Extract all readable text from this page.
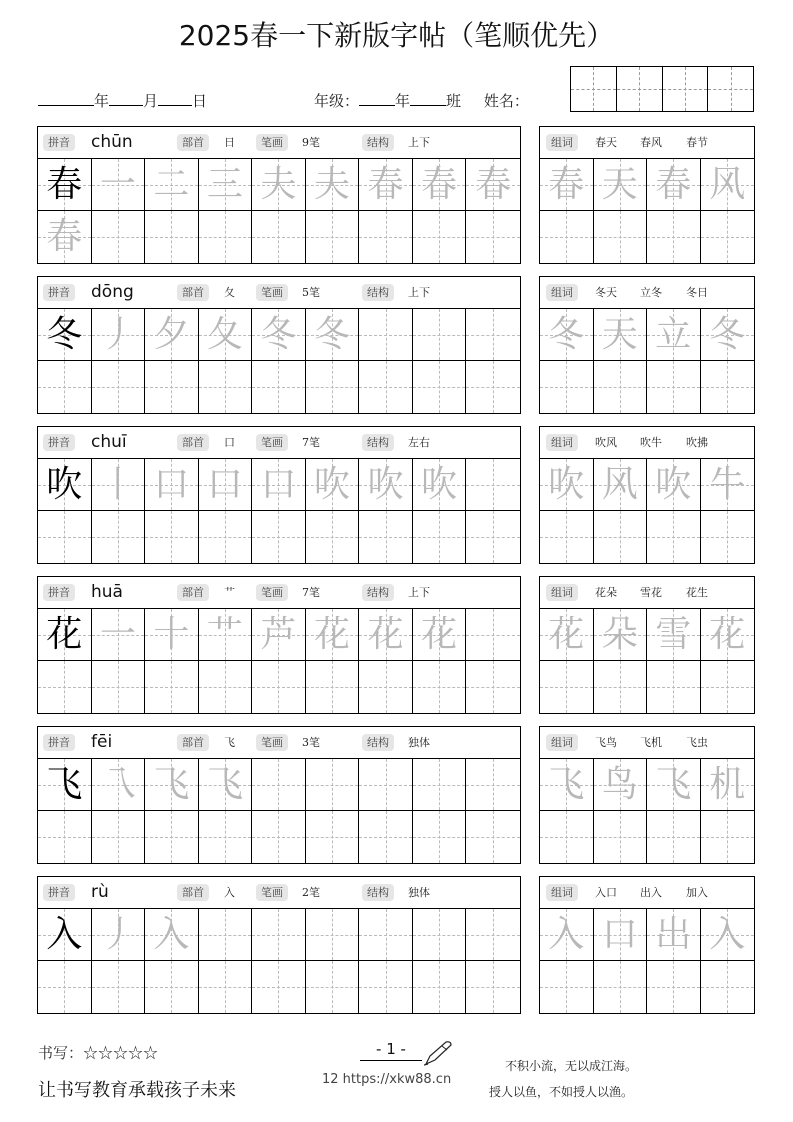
2025春一下新版字帖（笔顺优先）
年 月 日	年级： 年 班 姓名：
拼音 chūn	部首	日	笔画	9笔	结构	上下
春 一 二 三 夫 夫 春 春 春
春
组词	春天 春风 春节
春 天 春 风
拼音 dōng	部首	夂	笔画	5笔	结构	上下
冬 丿 夕 夂 冬 冬
组词	冬天 立冬 冬日
冬 天 立 冬
拼音 chuī	部首	口	笔画	7笔	结构	左右
吹 丨 口 口 口 吹 吹 吹
组词	吹风 吹牛 吹拂
吹 风 吹 牛
拼音 huā	部首	艹	笔画	7笔	结构	上下
花 一 十 艹 芦 花 花 花
组词	花朵 雪花 花生
花 朵 雪 花
拼音 fēi	部首	飞	笔画	3笔	结构	独体
飞 乁 飞 飞
组词	飞鸟 飞机 飞虫
飞 鸟 飞 机
拼音 rù	部首	入	笔画	2笔	结构	独体
入 丿 入
组词	入口 出入 加入
入 口 出 入
书写：☆☆☆☆☆
让书写教育承载孩子未来
- 1 -
12 https://xkw88.cn
不积小流，无以成江海。
授人以鱼，不如授人以渔。
